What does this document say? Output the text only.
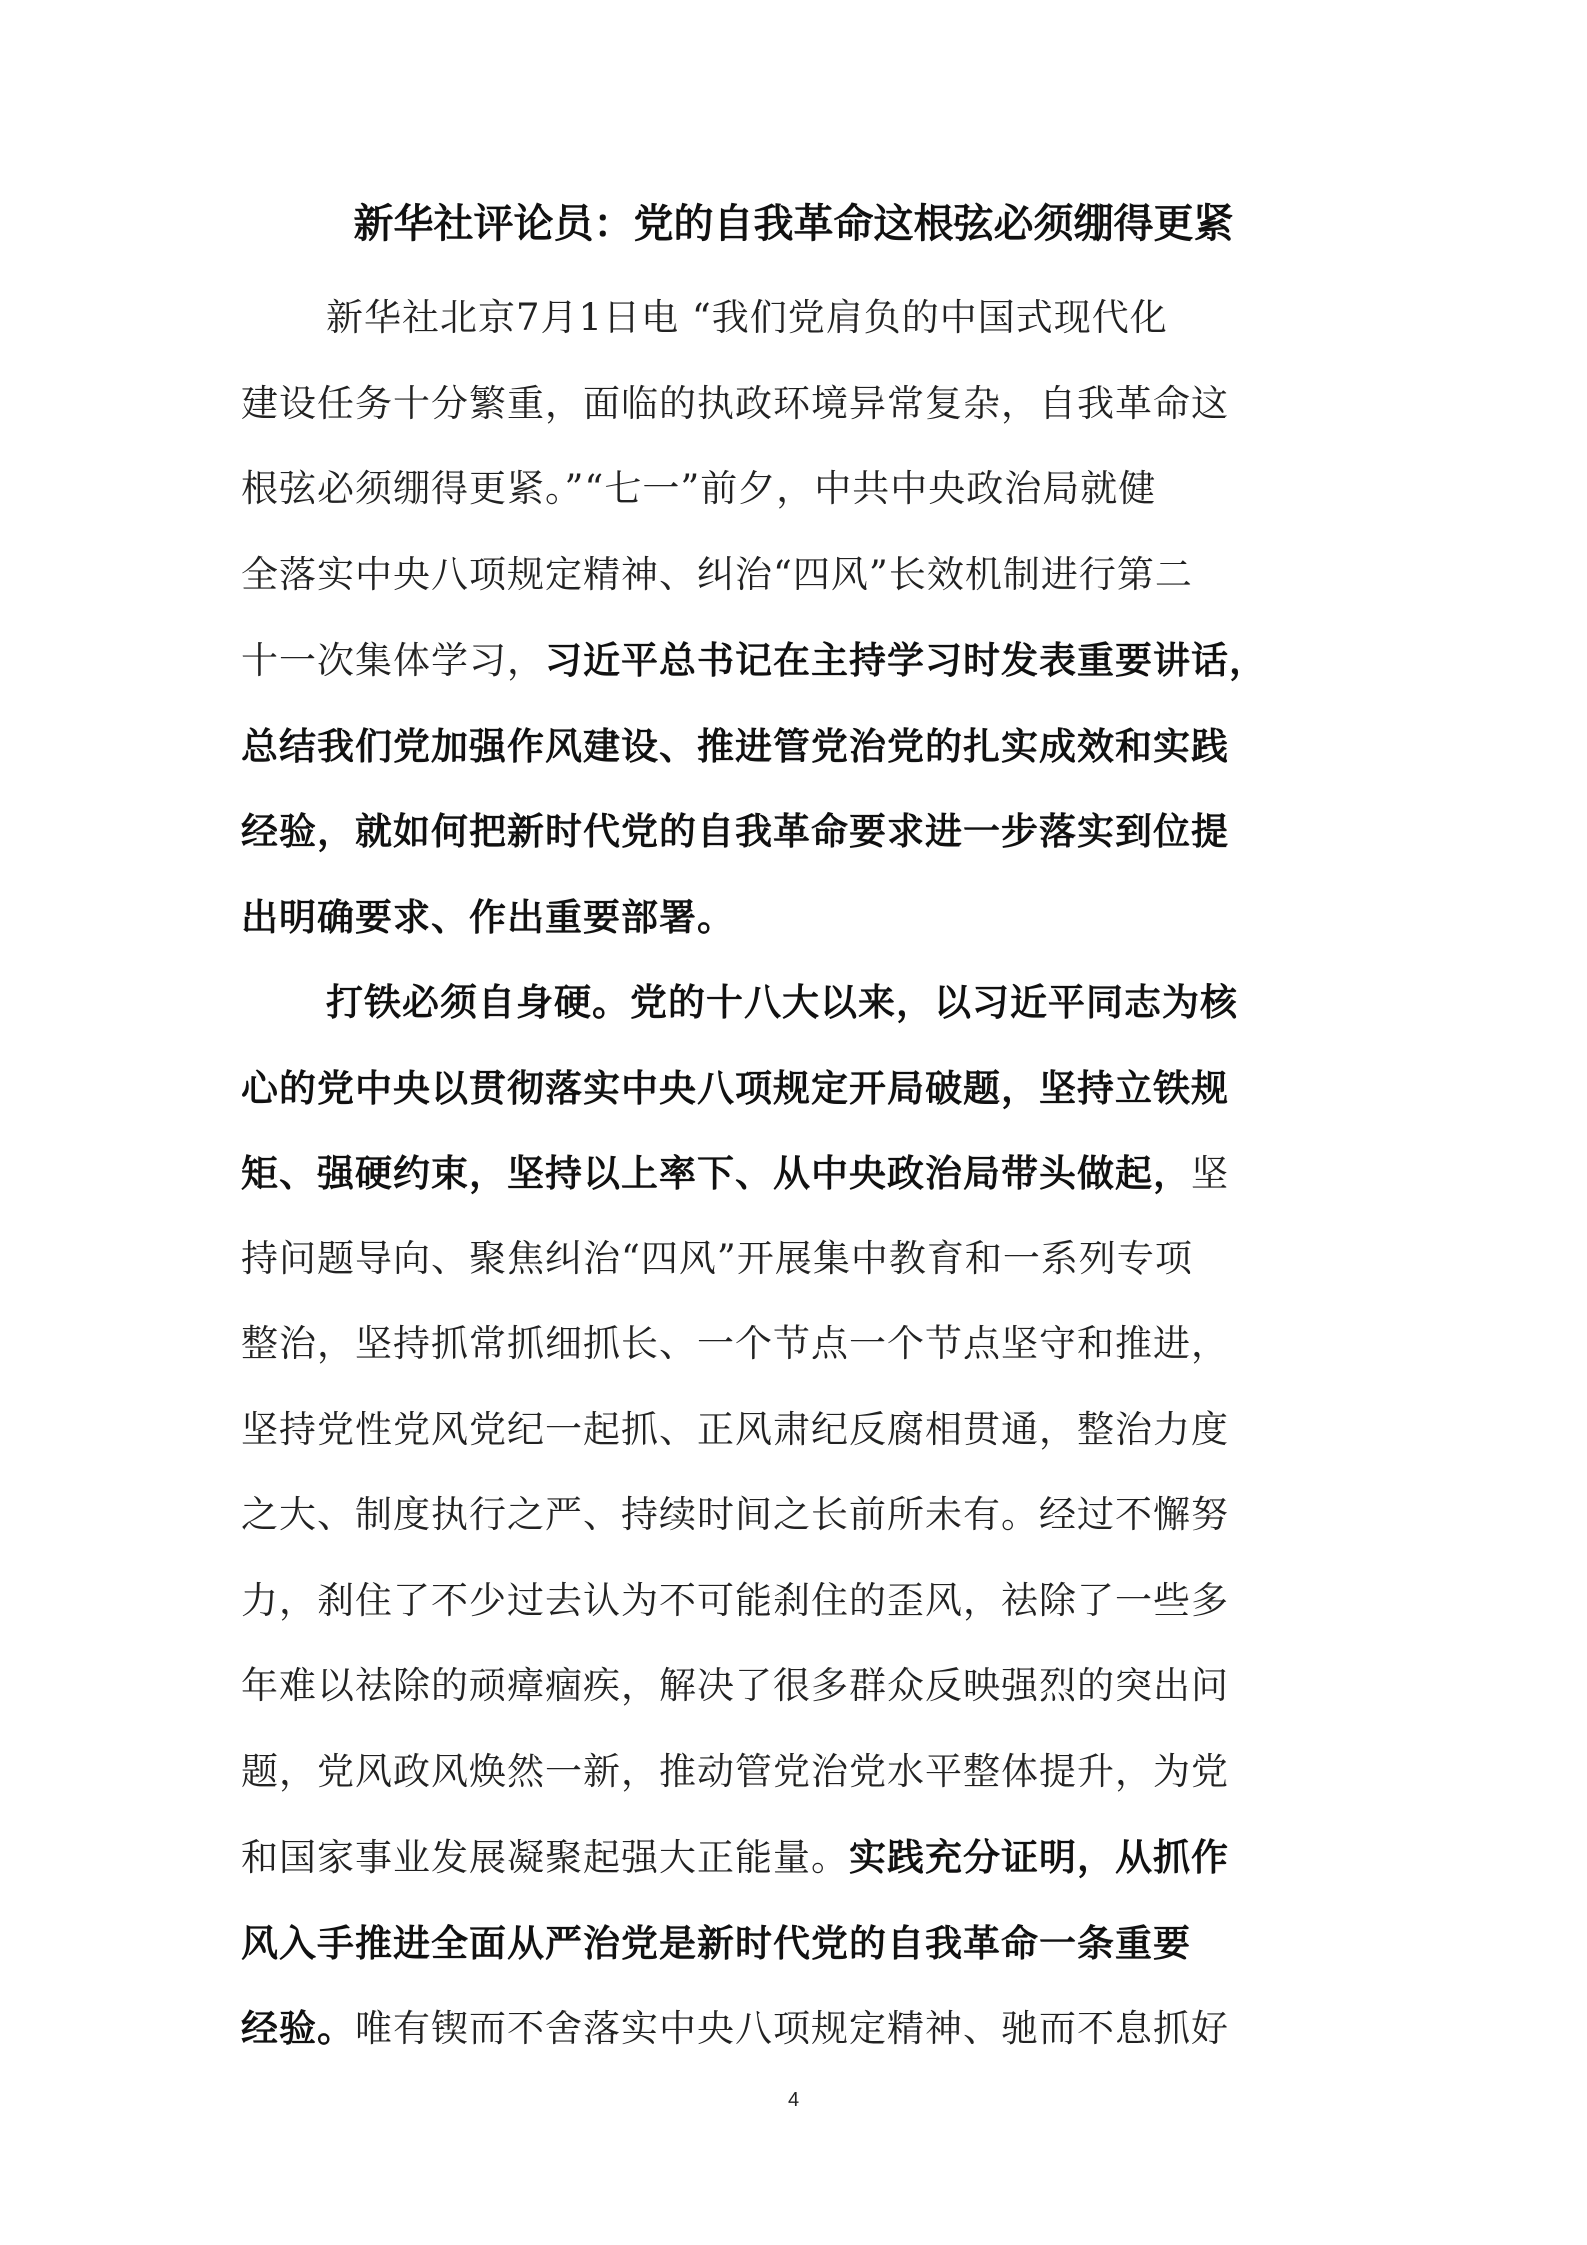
新华社评论员：党的自我革命这根弦必须绷得更紧
新华社北京7月1日电 “我们党肩负的中国式现代化
建设任务十分繁重，面临的执政环境异常复杂，自我革命这
根弦必须绷得更紧。”“七一”前夕，中共中央政治局就健
全落实中央八项规定精神、纠治“四风”长效机制进行第二
十一次集体学习，习近平总书记在主持学习时发表重要讲话，
总结我们党加强作风建设、推进管党治党的扎实成效和实践
经验，就如何把新时代党的自我革命要求进一步落实到位提
出明确要求、作出重要部署。
打铁必须自身硬。党的十八大以来，以习近平同志为核
心的党中央以贯彻落实中央八项规定开局破题，坚持立铁规
矩、强硬约束，坚持以上率下、从中央政治局带头做起，坚
持问题导向、聚焦纠治“四风”开展集中教育和一系列专项
整治，坚持抓常抓细抓长、一个节点一个节点坚守和推进，
坚持党性党风党纪一起抓、正风肃纪反腐相贯通，整治力度
之大、制度执行之严、持续时间之长前所未有。经过不懈努
力，刹住了不少过去认为不可能刹住的歪风，祛除了一些多
年难以祛除的顽瘴痼疾，解决了很多群众反映强烈的突出问
题，党风政风焕然一新，推动管党治党水平整体提升，为党
和国家事业发展凝聚起强大正能量。实践充分证明，从抓作
风入手推进全面从严治党是新时代党的自我革命一条重要
经验。唯有锲而不舍落实中央八项规定精神、驰而不息抓好
4
